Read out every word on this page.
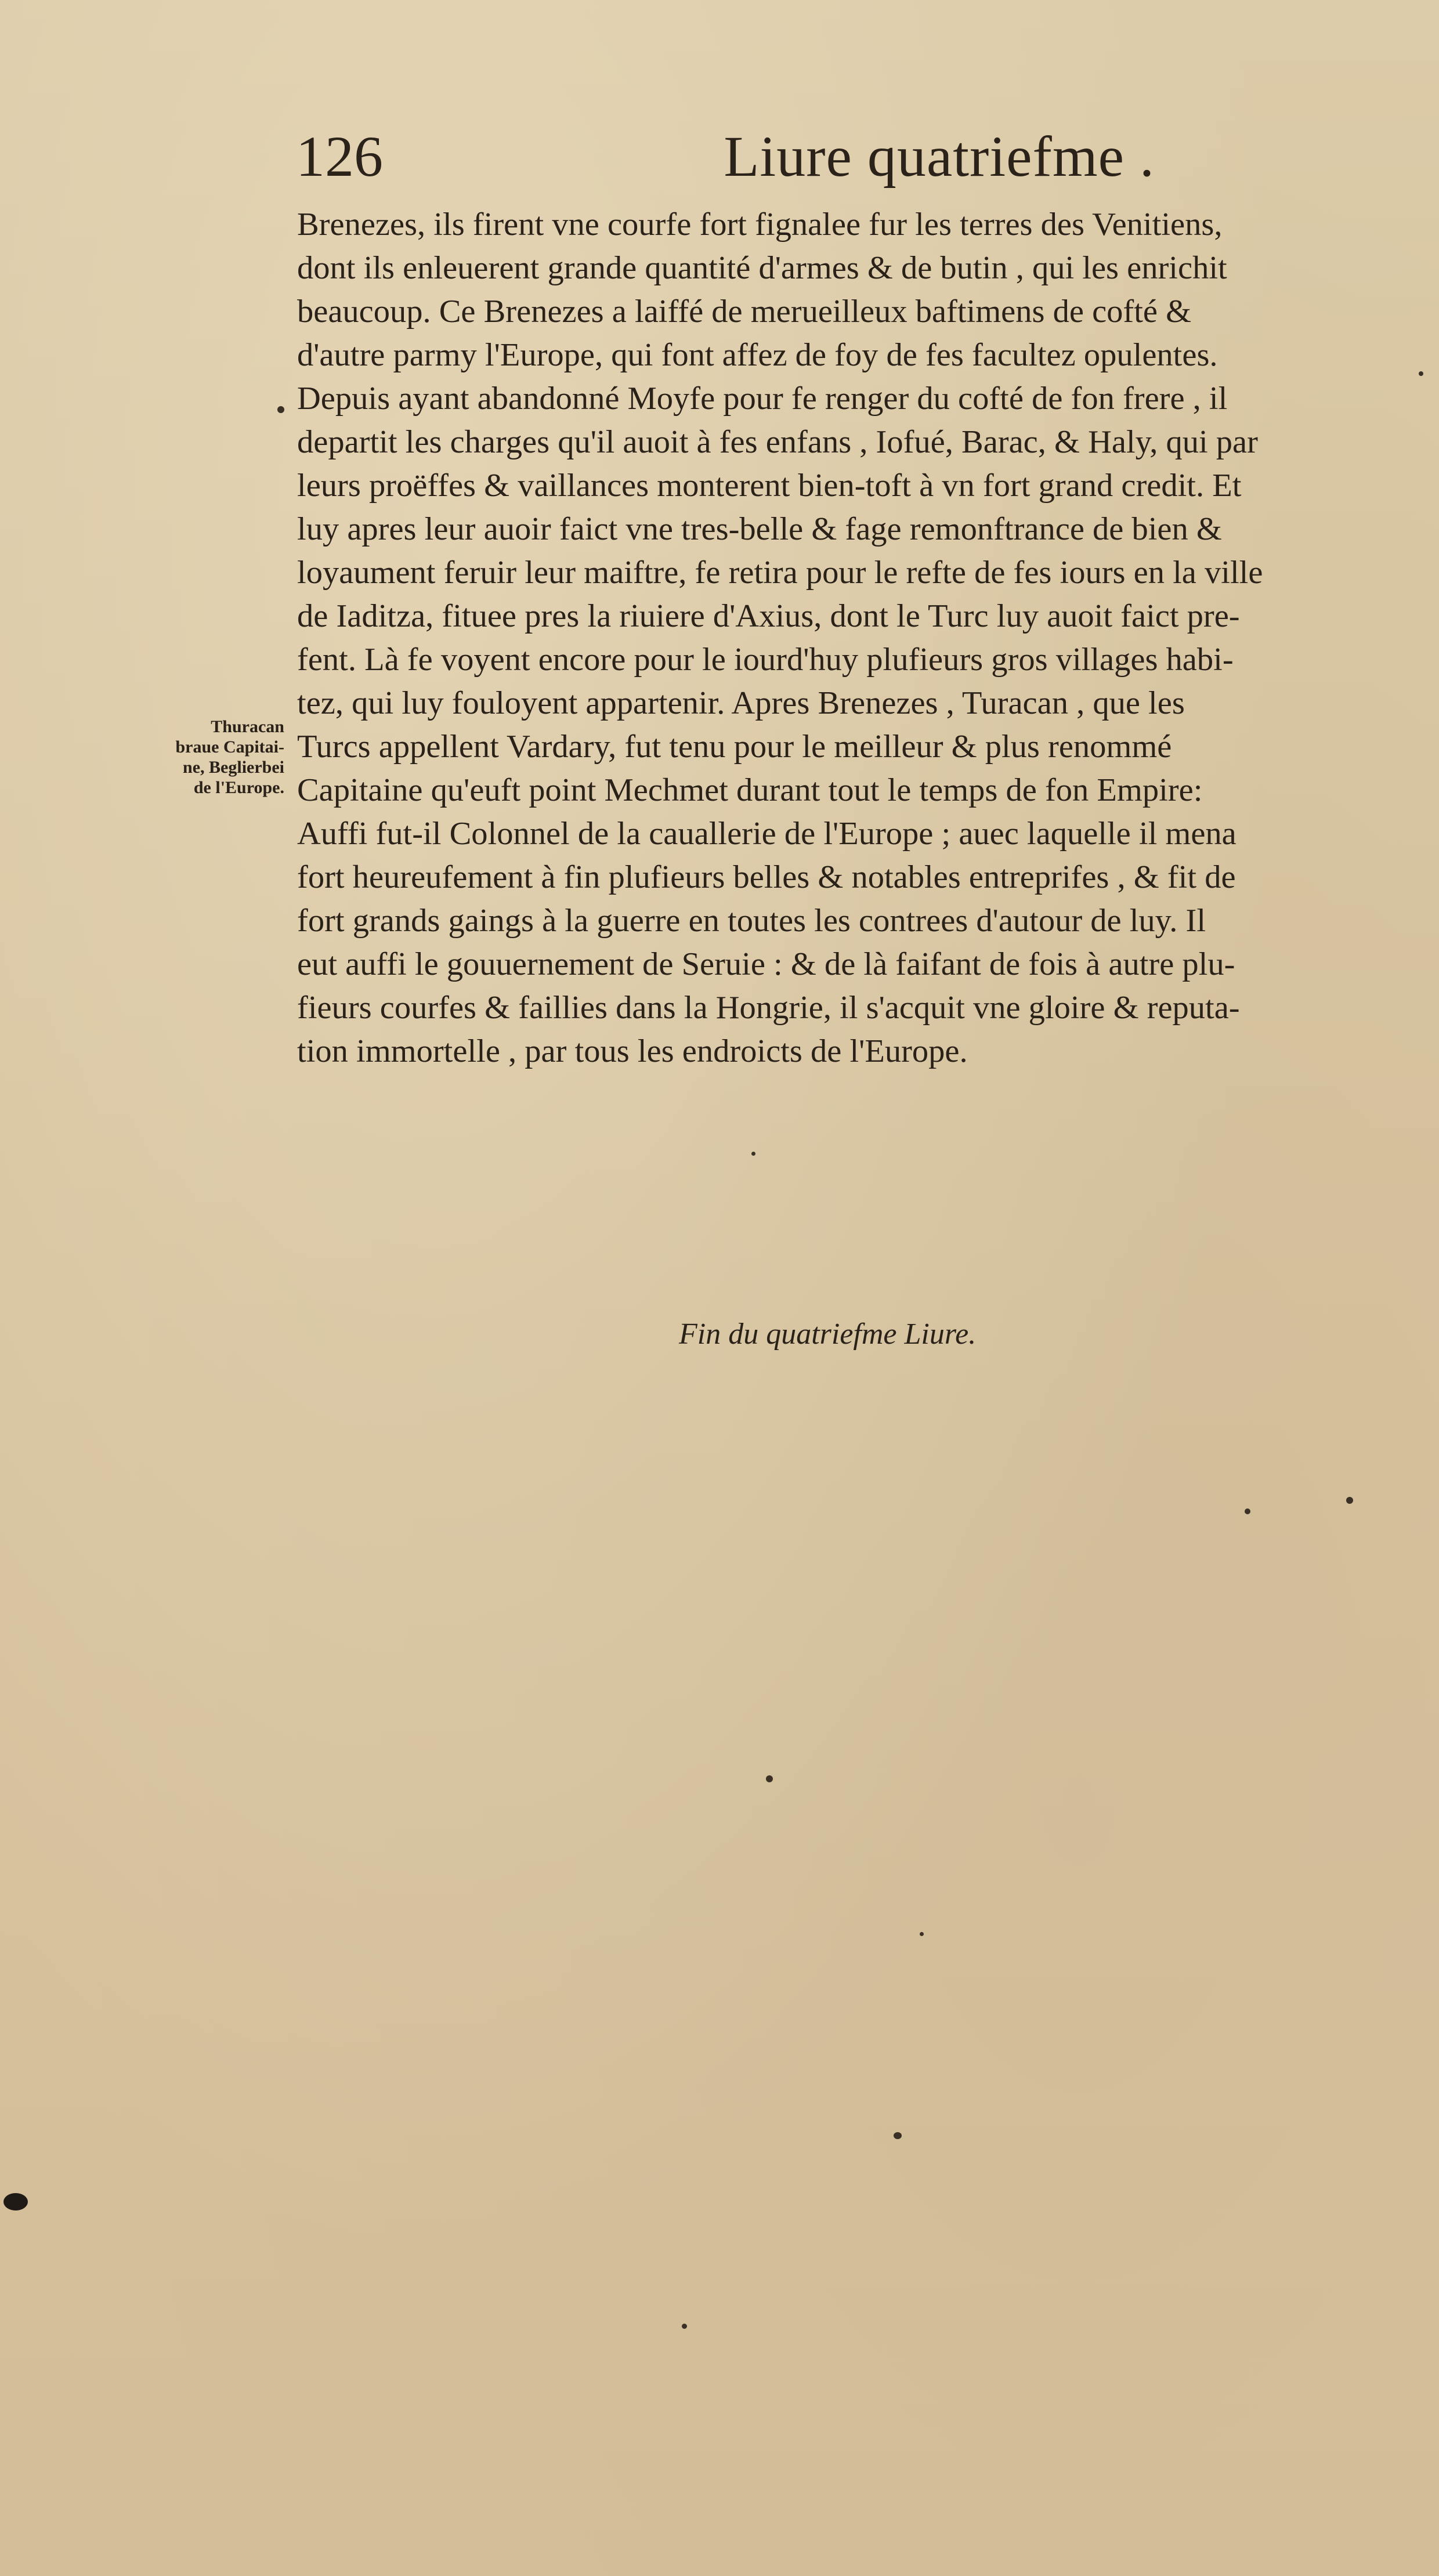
126	Liure quatriefme .
Brenezes, ils firent vne courfe fort fignalee fur les terres des Venitiens,
dont ils enleuerent grande quantité d'armes & de butin , qui les enrichit
beaucoup. Ce Brenezes a laiffé de merueilleux baftimens de cofté &
d'autre parmy l'Europe, qui font affez de foy de fes facultez opulentes.
Depuis ayant abandonné Moyfe pour fe renger du cofté de fon frere , il
departit les charges qu'il auoit à fes enfans , Iofué, Barac, & Haly, qui par
leurs proëffes & vaillances monterent bien-toft à vn fort grand credit. Et
luy apres leur auoir faict vne tres-belle & fage remonftrance de bien &
loyaument feruir leur maiftre, fe retira pour le refte de fes iours en la ville
de Iaditza, fituee pres la riuiere d'Axius, dont le Turc luy auoit faict pre-
fent. Là fe voyent encore pour le iourd'huy plufieurs gros villages habi-
tez, qui luy fouloyent appartenir. Apres Brenezes , Turacan , que les
Turcs appellent Vardary, fut tenu pour le meilleur & plus renommé
Capitaine qu'euft point Mechmet durant tout le temps de fon Empire:
Auffi fut-il Colonnel de la cauallerie de l'Europe ; auec laquelle il mena
fort heureufement à fin plufieurs belles & notables entreprifes , & fit de
fort grands gaings à la guerre en toutes les contrees d'autour de luy. Il
eut auffi le gouuernement de Seruie : & de là faifant de fois à autre plu-
fieurs courfes & faillies dans la Hongrie, il s'acquit vne gloire & reputa-
tion immortelle , par tous les endroicts de l'Europe.
Thuracan
braue Capitai-
ne, Beglierbei
de l'Europe.
Fin du quatriefme Liure.
